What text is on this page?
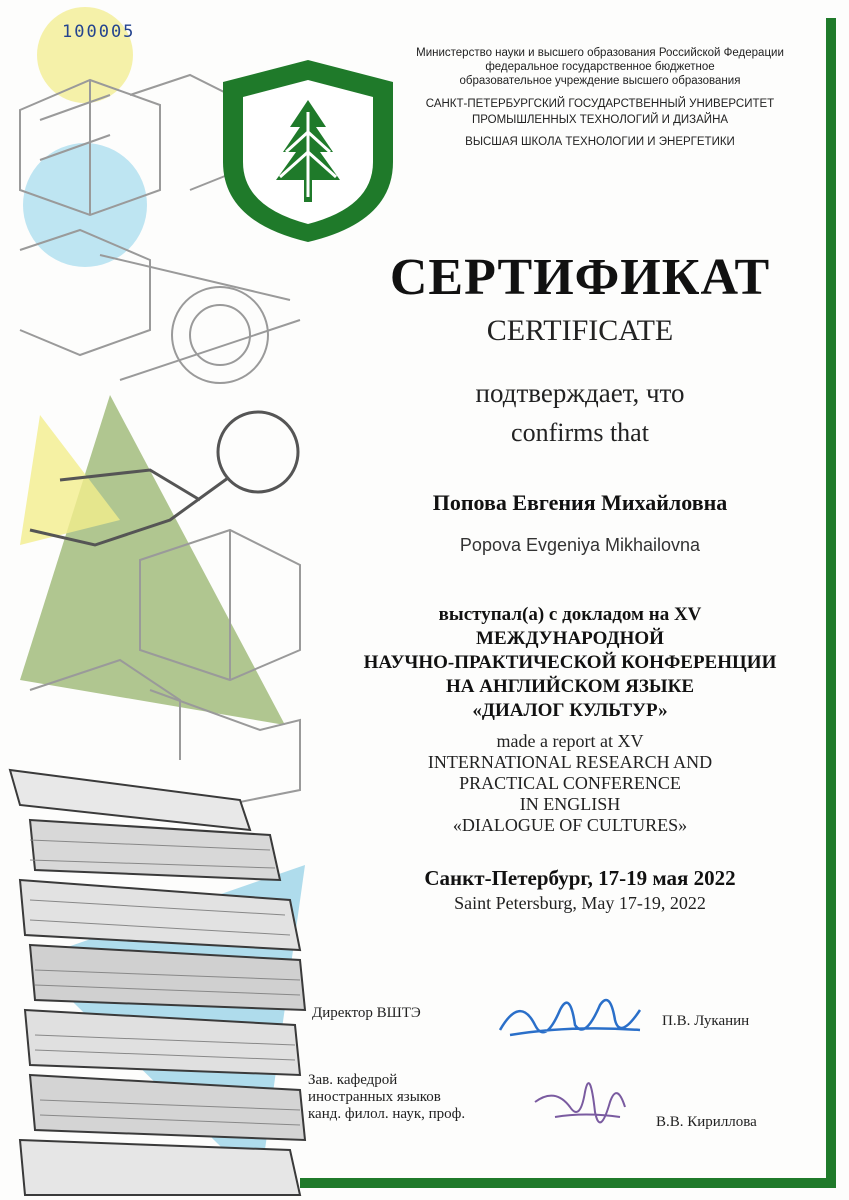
100005
Министерство науки и высшего образования Российской Федерации
федеральное государственное бюджетное
образовательное учреждение высшего образования
САНКТ-ПЕТЕРБУРГСКИЙ ГОСУДАРСТВЕННЫЙ УНИВЕРСИТЕТ
ПРОМЫШЛЕННЫХ ТЕХНОЛОГИЙ И ДИЗАЙНА
ВЫСШАЯ ШКОЛА ТЕХНОЛОГИИ И ЭНЕРГЕТИКИ
СЕРТИФИКАТ
CERTIFICATE
подтверждает, что
confirms that
Попова Евгения Михайловна
Popova Evgeniya Mikhailovna
выступал(а) с докладом на XV
МЕЖДУНАРОДНОЙ
НАУЧНО-ПРАКТИЧЕСКОЙ КОНФЕРЕНЦИИ
НА АНГЛИЙСКОМ ЯЗЫКЕ
«ДИАЛОГ КУЛЬТУР»
made a report at XV
INTERNATIONAL RESEARCH AND
PRACTICAL CONFERENCE
IN ENGLISH
«DIALOGUE OF CULTURES»
Санкт-Петербург, 17-19 мая 2022
Saint Petersburg, May 17-19, 2022
Директор ВШТЭ	П.В. Луканин
Зав. кафедрой
иностранных языков
канд. филол. наук, проф.	В.В. Кириллова
